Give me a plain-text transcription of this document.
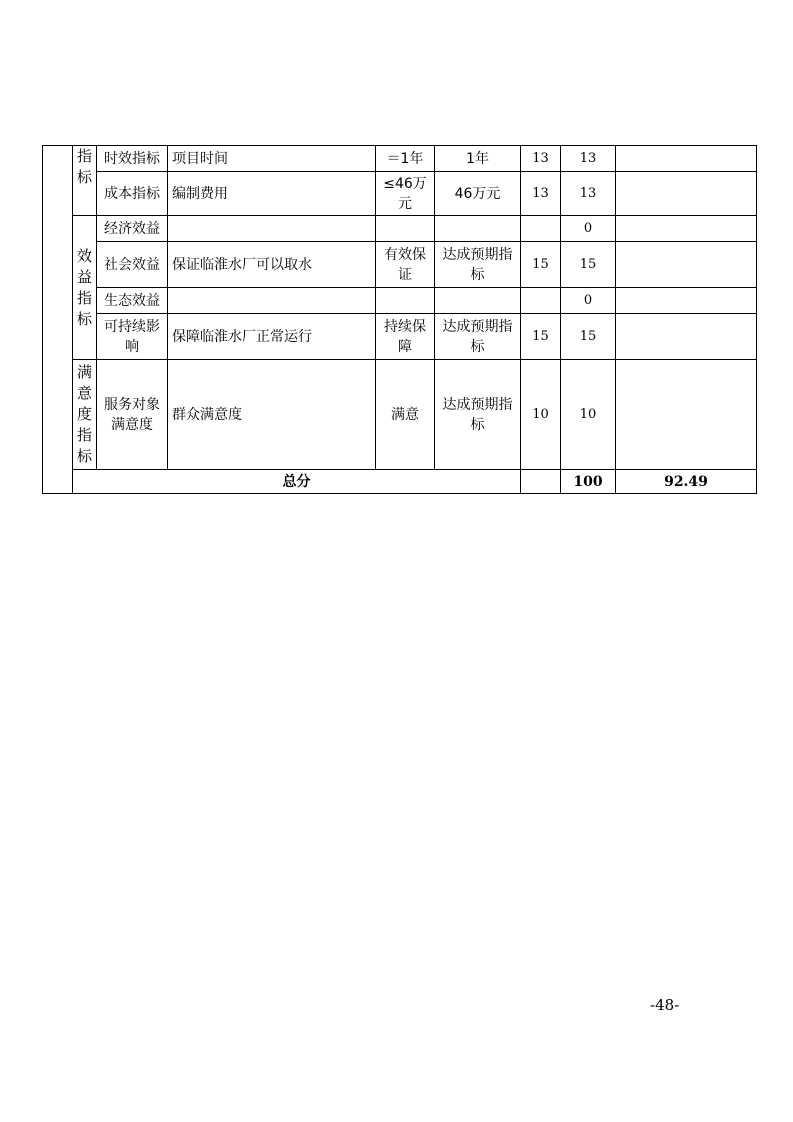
	指标	时效指标	项目时间	＝1年	1年	13	13		
		成本指标	编制费用	≤46万元	46万元	13	13		

	效益指标	经济效益					0		
		社会效益	保证临淮水厂可以取水	有效保证	达成预期指标	15	15		
		生态效益					0		
		可持续影响	保障临淮水厂正常运行	持续保障	达成预期指标	15	15		

	满意度指标	服务对象满意度	群众满意度	满意	达成预期指标	10	10		
	总分						100	92.49	
-48-
